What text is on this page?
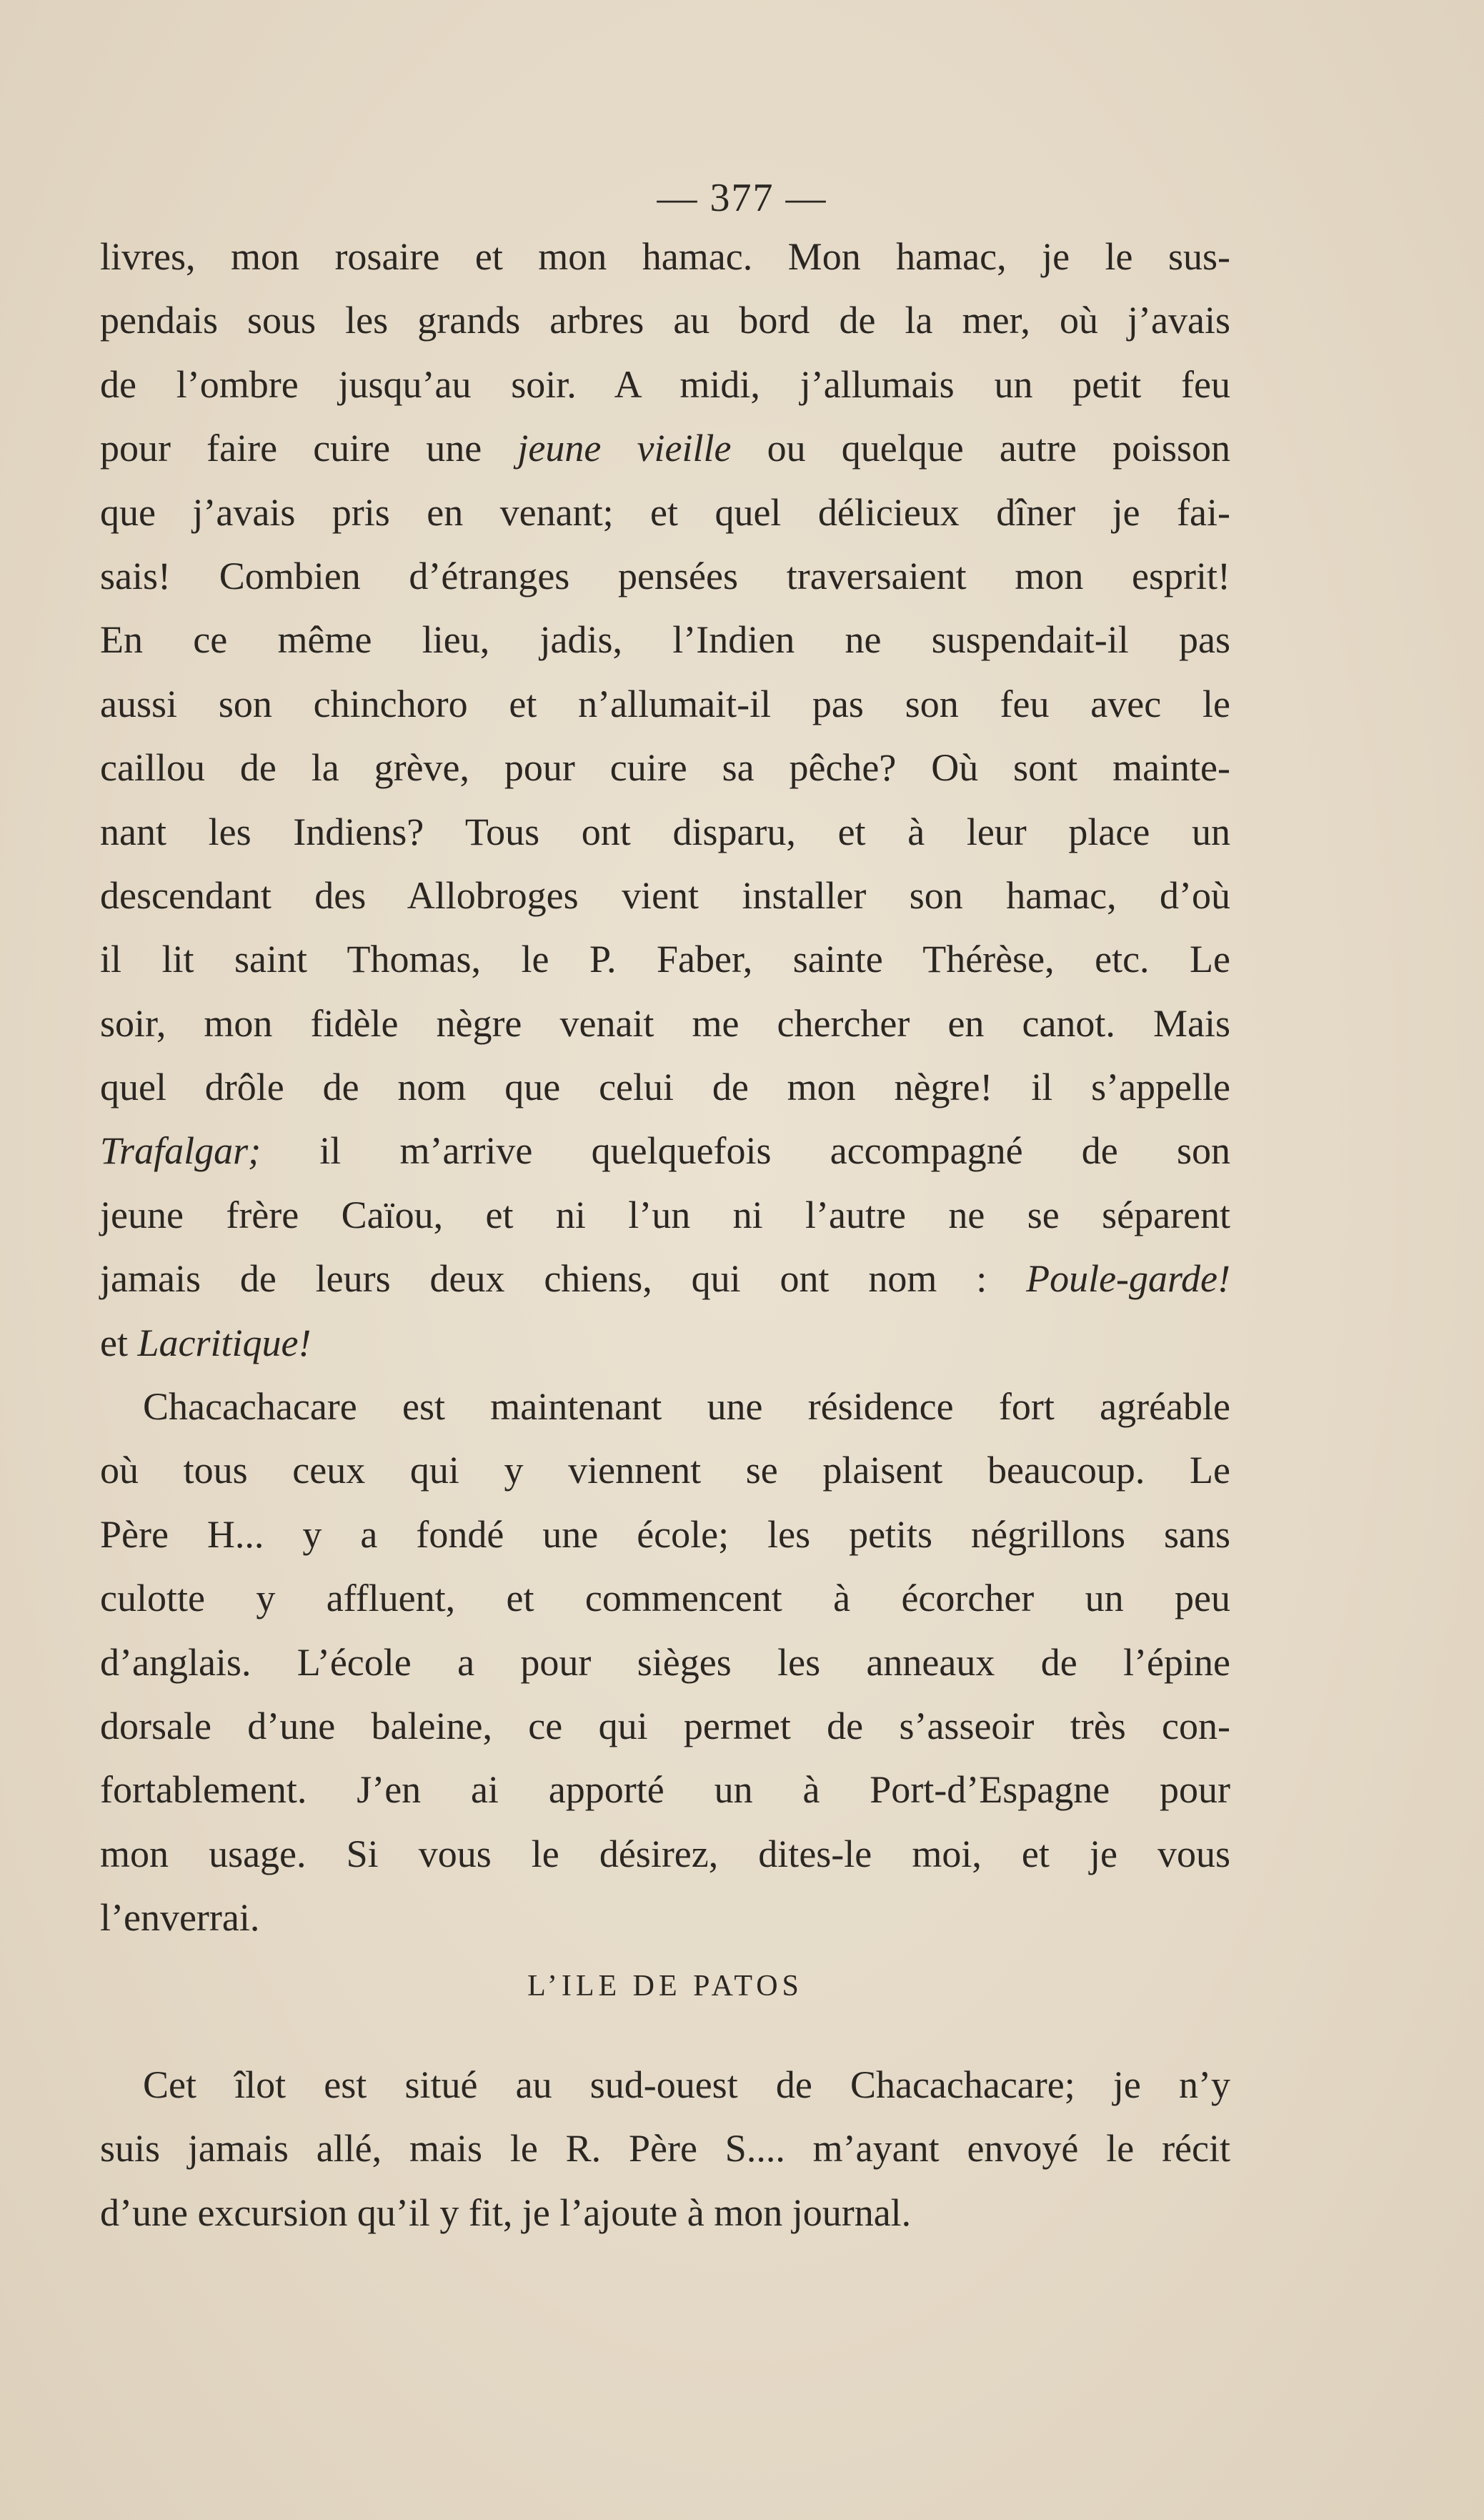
— 377 —
livres, mon rosaire et mon hamac. Mon hamac, je le sus-
pendais sous les grands arbres au bord de la mer, où j’avais
de l’ombre jusqu’au soir. A midi, j’allumais un petit feu
pour faire cuire une jeune vieille ou quelque autre poisson
que j’avais pris en venant; et quel délicieux dîner je fai-
sais! Combien d’étranges pensées traversaient mon esprit!
En ce même lieu, jadis, l’Indien ne suspendait-il pas
aussi son chinchoro et n’allumait-il pas son feu avec le
caillou de la grève, pour cuire sa pêche? Où sont mainte-
nant les Indiens? Tous ont disparu, et à leur place un
descendant des Allobroges vient installer son hamac, d’où
il lit saint Thomas, le P. Faber, sainte Thérèse, etc. Le
soir, mon fidèle nègre venait me chercher en canot. Mais
quel drôle de nom que celui de mon nègre! il s’appelle
Trafalgar; il m’arrive quelquefois accompagné de son
jeune frère Caïou, et ni l’un ni l’autre ne se séparent
jamais de leurs deux chiens, qui ont nom : Poule-garde!
et Lacritique!
Chacachacare est maintenant une résidence fort agréable
où tous ceux qui y viennent se plaisent beaucoup. Le
Père H... y a fondé une école; les petits négrillons sans
culotte y affluent, et commencent à écorcher un peu
d’anglais. L’école a pour sièges les anneaux de l’épine
dorsale d’une baleine, ce qui permet de s’asseoir très con-
fortablement. J’en ai apporté un à Port-d’Espagne pour
mon usage. Si vous le désirez, dites-le moi, et je vous
l’enverrai.
L’ILE DE PATOS
Cet îlot est situé au sud-ouest de Chacachacare; je n’y
suis jamais allé, mais le R. Père S.... m’ayant envoyé le récit
d’une excursion qu’il y fit, je l’ajoute à mon journal.
